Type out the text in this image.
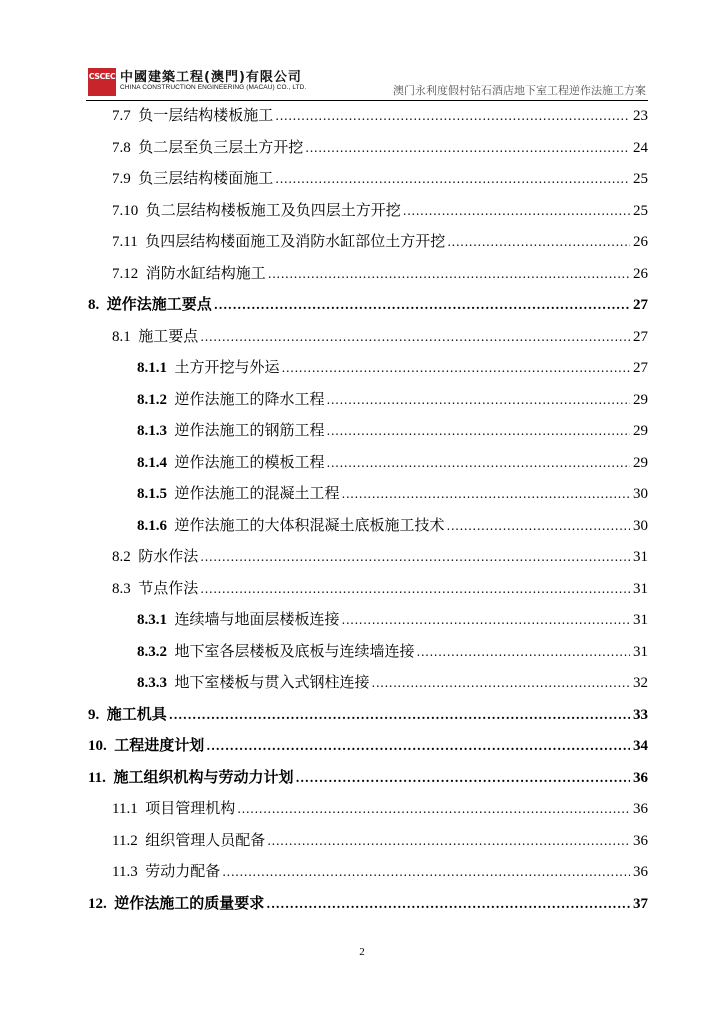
CSCEC 中國建築工程(澳門)有限公司
CHINA CONSTRUCTION ENGINEERING (MACAU) CO., LTD.	澳门永利度假村钻石酒店地下室工程逆作法施工方案
7.7  负一层结构楼板施工 .....	23
7.8  负二层至负三层土方开挖 .....	24
7.9  负三层结构楼面施工 .....	25
7.10  负二层结构楼板施工及负四层土方开挖 .....	25
7.11  负四层结构楼面施工及消防水缸部位土方开挖 .....	26
7.12  消防水缸结构施工 .....	26
8.  逆作法施工要点 .....	27
8.1  施工要点 .....	27
8.1.1  土方开挖与外运 .....	27
8.1.2  逆作法施工的降水工程 .....	29
8.1.3  逆作法施工的钢筋工程 .....	29
8.1.4  逆作法施工的模板工程 .....	29
8.1.5  逆作法施工的混凝土工程 .....	30
8.1.6  逆作法施工的大体积混凝土底板施工技术 .....	30
8.2  防水作法 .....	31
8.3  节点作法 .....	31
8.3.1  连续墙与地面层楼板连接 .....	31
8.3.2  地下室各层楼板及底板与连续墙连接 .....	31
8.3.3  地下室楼板与贯入式钢柱连接 .....	32
9.  施工机具 .....	33
10.  工程进度计划 .....	34
11.  施工组织机构与劳动力计划 .....	36
11.1  项目管理机构 .....	36
11.2  组织管理人员配备 .....	36
11.3  劳动力配备 .....	36
12.  逆作法施工的质量要求 .....	37
2
